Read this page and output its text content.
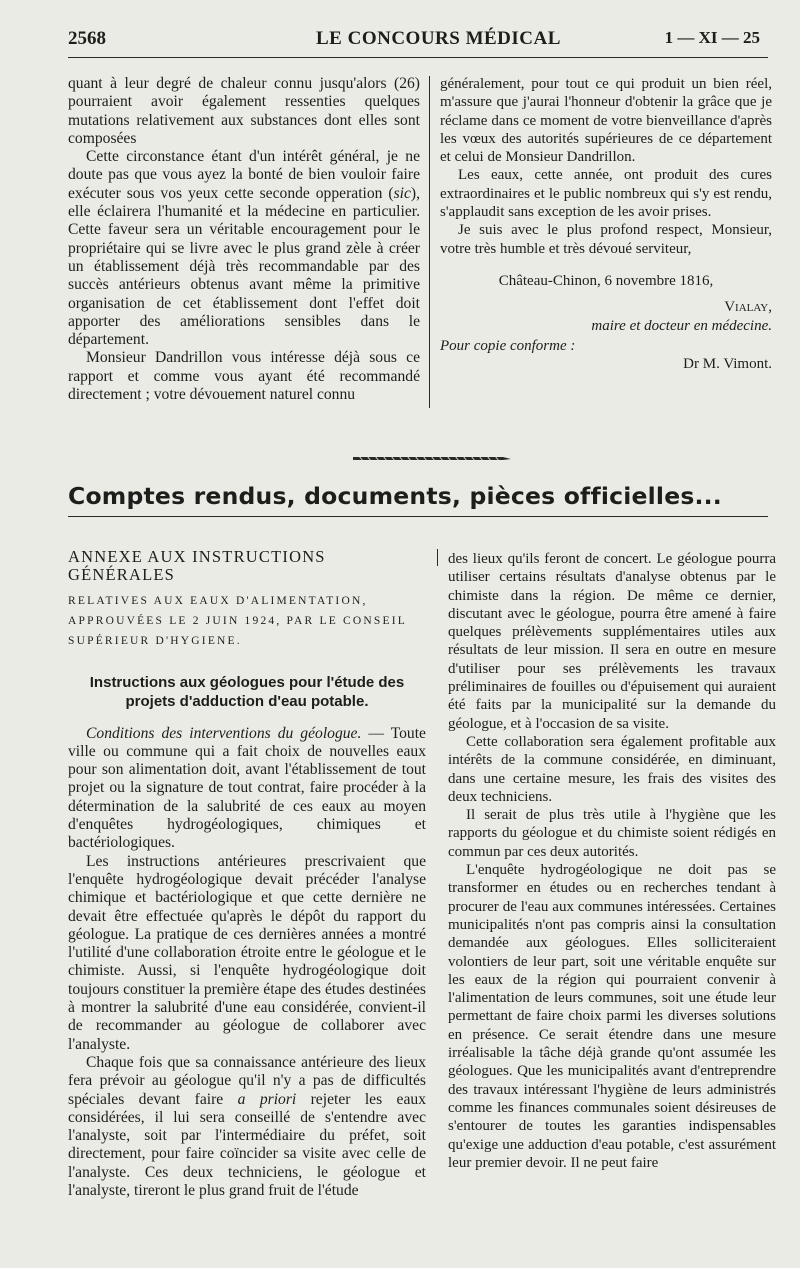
2568	LE CONCOURS MÉDICAL	1 — XI — 25

quant à leur degré de chaleur connu jusqu'alors (26) pourraient avoir également ressenties quelques mutations relativement aux substances dont elles sont composées

Cette circonstance étant d'un intérêt général, je ne doute pas que vous ayez la bonté de bien vouloir faire exécuter sous vos yeux cette seconde opperation (sic), elle éclairera l'humanité et la médecine en particulier. Cette faveur sera un véritable encouragement pour le propriétaire qui se livre avec le plus grand zèle à créer un établissement déjà très recommandable par des succès antérieurs obtenus avant même la primitive organisation de cet établissement dont l'effet doit apporter des améliorations sensibles dans le département.

Monsieur Dandrillon vous intéresse déjà sous ce rapport et comme vous ayant été recommandé directement ; votre dévouement naturel connu

généralement, pour tout ce qui produit un bien réel, m'assure que j'aurai l'honneur d'obtenir la grâce que je réclame dans ce moment de votre bienveillance d'après les vœux des autorités supérieures de ce département et celui de Monsieur Dandrillon.

Les eaux, cette année, ont produit des cures extraordinaires et le public nombreux qui s'y est rendu, s'applaudit sans exception de les avoir prises.

Je suis avec le plus profond respect, Monsieur, votre très humble et très dévoué serviteur,

Château-Chinon, 6 novembre 1816,

Vialay,

maire et docteur en médecine.

Pour copie conforme :

Dr M. Vimont.

Comptes rendus, documents, pièces officielles...

ANNEXE AUX INSTRUCTIONS GÉNÉRALES

RELATIVES AUX EAUX D'ALIMENTATION, APPROUVÉES LE 2 JUIN 1924, PAR LE CONSEIL SUPÉRIEUR D'HYGIENE.

Instructions aux géologues pour l'étude des projets d'adduction d'eau potable.

Conditions des interventions du géologue. — Toute ville ou commune qui a fait choix de nouvelles eaux pour son alimentation doit, avant l'établissement de tout projet ou la signature de tout contrat, faire procéder à la détermination de la salubrité de ces eaux au moyen d'enquêtes hydrogéologiques, chimiques et bactériologiques.

Les instructions antérieures prescrivaient que l'enquête hydrogéologique devait précéder l'analyse chimique et bactériologique et que cette dernière ne devait être effectuée qu'après le dépôt du rapport du géologue. La pratique de ces dernières années a montré l'utilité d'une collaboration étroite entre le géologue et le chimiste. Aussi, si l'enquête hydrogéologique doit toujours constituer la première étape des études destinées à montrer la salubrité d'une eau considérée, convient-il de recommander au géologue de collaborer avec l'analyste.

Chaque fois que sa connaissance antérieure des lieux fera prévoir au géologue qu'il n'y a pas de difficultés spéciales devant faire a priori rejeter les eaux considérées, il lui sera conseillé de s'entendre avec l'analyste, soit par l'intermédiaire du préfet, soit directement, pour faire coïncider sa visite avec celle de l'analyste. Ces deux techniciens, le géologue et l'analyste, tireront le plus grand fruit de l'étude

des lieux qu'ils feront de concert. Le géologue pourra utiliser certains résultats d'analyse obtenus par le chimiste dans la région. De même ce dernier, discutant avec le géologue, pourra être amené à faire quelques prélèvements supplémentaires utiles aux résultats de leur mission. Il sera en outre en mesure d'utiliser pour ses prélèvements les travaux préliminaires de fouilles ou d'épuisement qui auraient été faits par la municipalité sur la demande du géologue, et à l'occasion de sa visite.

Cette collaboration sera également profitable aux intérêts de la commune considérée, en diminuant, dans une certaine mesure, les frais des visites des deux techniciens.

Il serait de plus très utile à l'hygiène que les rapports du géologue et du chimiste soient rédigés en commun par ces deux autorités.

L'enquête hydrogéologique ne doit pas se transformer en études ou en recherches tendant à procurer de l'eau aux communes intéressées. Certaines municipalités n'ont pas compris ainsi la consultation demandée aux géologues. Elles solliciteraient volontiers de leur part, soit une véritable enquête sur les eaux de la région qui pourraient convenir à l'alimentation de leurs communes, soit une étude leur permettant de faire choix parmi les diverses solutions en présence. Ce serait étendre dans une mesure irréalisable la tâche déjà grande qu'ont assumée les géologues. Que les municipalités avant d'entreprendre des travaux intéressant l'hygiène de leurs administrés comme les finances communales soient désireuses de s'entourer de toutes les garanties indispensables qu'exige une adduction d'eau potable, c'est assurément leur premier devoir. Il ne peut faire
